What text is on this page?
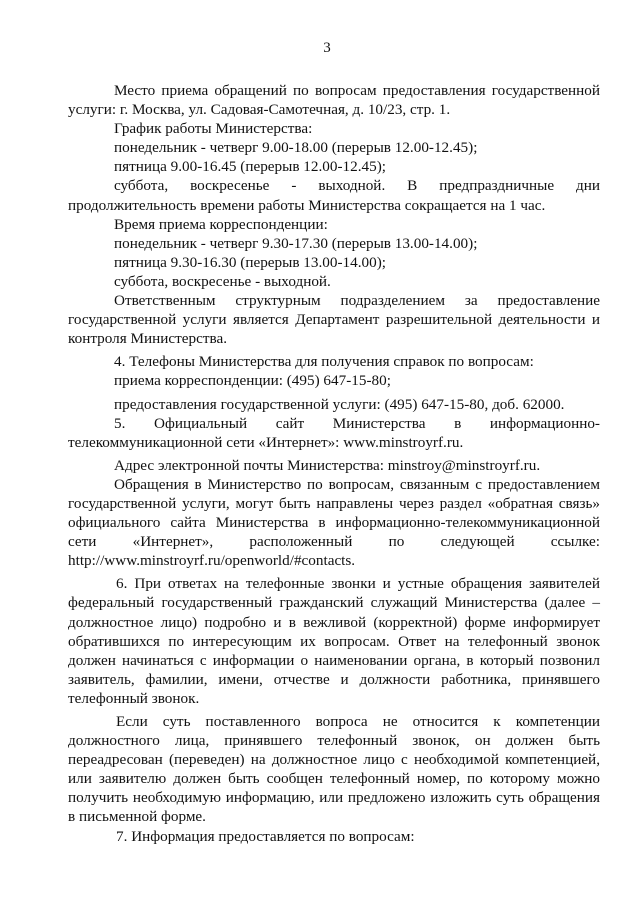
3

Место приема обращений по вопросам предоставления государственной услуги: г. Москва, ул. Садовая-Самотечная, д. 10/23, стр. 1.

График работы Министерства:

понедельник - четверг 9.00-18.00 (перерыв 12.00-12.45);

пятница 9.00-16.45 (перерыв 12.00-12.45);

суббота, воскресенье - выходной. В предпраздничные дни продолжительность времени работы Министерства сокращается на 1 час.

Время приема корреспонденции:

понедельник - четверг 9.30-17.30 (перерыв 13.00-14.00);

пятница 9.30-16.30 (перерыв 13.00-14.00);

суббота, воскресенье - выходной.

Ответственным структурным подразделением за предоставление государственной услуги является Департамент разрешительной деятельности и контроля Министерства.

4. Телефоны Министерства для получения справок по вопросам:

приема корреспонденции: (495) 647-15-80;

предоставления государственной услуги: (495) 647-15-80, доб. 62000.

5. Официальный сайт Министерства в информационно-телекоммуникационной сети «Интернет»: www.minstroyrf.ru.

Адрес электронной почты Министерства: minstroy@minstroyrf.ru.

Обращения в Министерство по вопросам, связанным с предоставлением государственной услуги, могут быть направлены через раздел «обратная связь» официального сайта Министерства в информационно-телекоммуникационной сети «Интернет», расположенный по следующей ссылке: http://www.minstroyrf.ru/openworld/#contacts.

6. При ответах на телефонные звонки и устные обращения заявителей федеральный государственный гражданский служащий Министерства (далее – должностное лицо) подробно и в вежливой (корректной) форме информирует обратившихся по интересующим их вопросам. Ответ на телефонный звонок должен начинаться с информации о наименовании органа, в который позвонил заявитель, фамилии, имени, отчестве и должности работника, принявшего телефонный звонок.

Если суть поставленного вопроса не относится к компетенции должностного лица, принявшего телефонный звонок, он должен быть переадресован (переведен) на должностное лицо с необходимой компетенцией, или заявителю должен быть сообщен телефонный номер, по которому можно получить необходимую информацию, или предложено изложить суть обращения в письменной форме.

7. Информация предоставляется по вопросам:
